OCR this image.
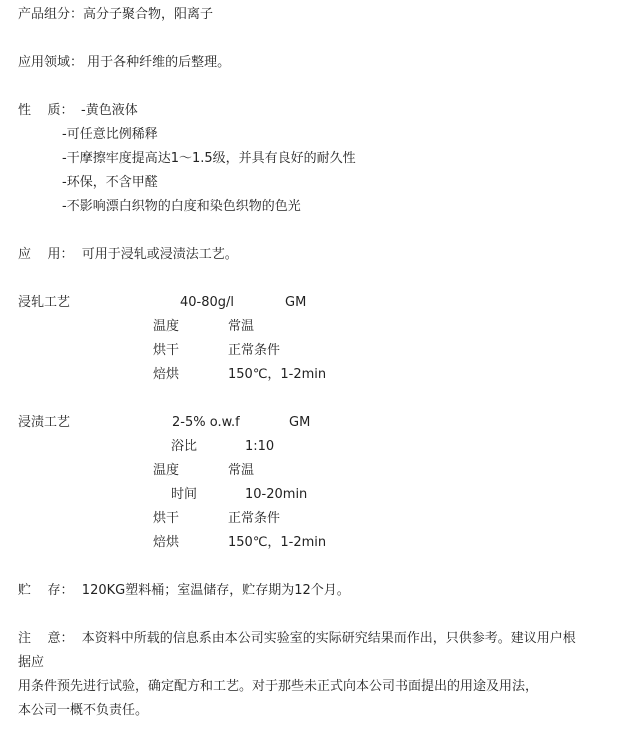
产品组分：高分子聚合物，阳离子
应用领域： 用于各种纤维的后整理。
性    质： -黄色液体
-可任意比例稀释
-干摩擦牢度提高达1～1.5级，并具有良好的耐久性
-环保，不含甲醛
-不影响漂白织物的白度和染色织物的色光
应    用：  可用于浸轧或浸渍法工艺。
浸轧工艺	40-80g/l	GM
温度	常温
烘干	正常条件
焙烘	150℃，1-2min
浸渍工艺	2-5% o.w.f	GM
浴比	1:10
温度	常温
时间	10-20min
烘干	正常条件
焙烘	150℃，1-2min
贮    存：  120KG塑料桶；室温储存，贮存期为12个月。
注    意：  本资料中所载的信息系由本公司实验室的实际研究结果而作出，只供参考。建议用户根
据应
用条件预先进行试验，确定配方和工艺。对于那些未正式向本公司书面提出的用途及用法，
本公司一概不负责任。
